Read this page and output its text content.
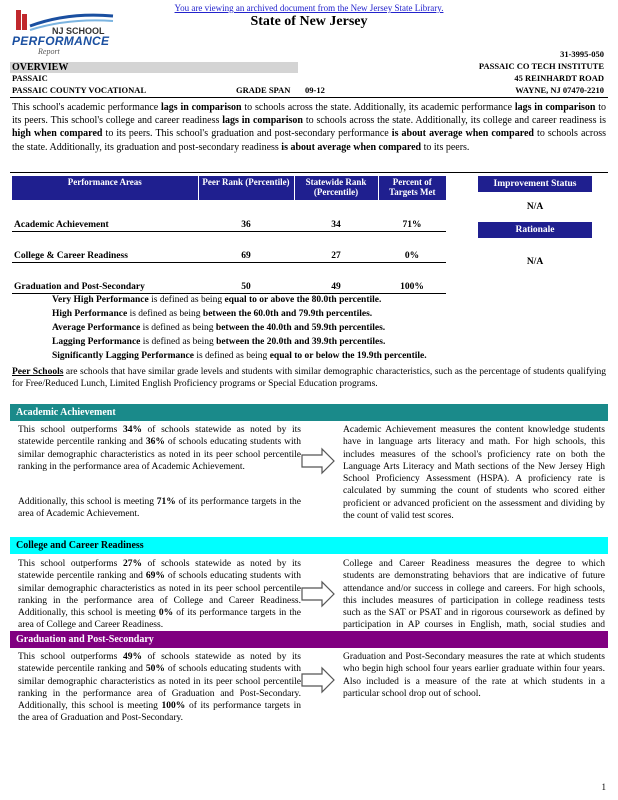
You are viewing an archived document from the New Jersey State Library.
State of New Jersey
NJ SCHOOL
PERFORMANCE
Report	31-3995-050
OVERVIEW	PASSAIC CO TECH INSTITUTE
PASSAIC	45 REINHARDT ROAD
PASSAIC COUNTY VOCATIONAL	GRADE SPAN 09-12	WAYNE, NJ 07470-2210
This school's academic performance lags in comparison to schools across the state. Additionally, its academic performance lags in comparison to its peers. This school's college and career readiness lags in comparison to schools across the state. Additionally, its college and career readiness is high when compared to its peers. This school's graduation and post-secondary performance is about average when compared to schools across the state. Additionally, its graduation and post-secondary readiness is about average when compared to its peers.
Performance Areas	Peer Rank (Percentile)	Statewide Rank (Percentile)	Percent of Targets Met
Academic Achievement	36	34	71%
College & Career Readiness	69	27	0%
Graduation and Post-Secondary	50	49	100%
Improvement Status
N/A
Rationale
N/A
Very High Performance is defined as being equal to or above the 80.0th percentile.
High Performance is defined as being between the 60.0th and 79.9th percentiles.
Average Performance is defined as being between the 40.0th and 59.9th percentiles.
Lagging Performance is defined as being between the 20.0th and 39.9th percentiles.
Significantly Lagging Performance is defined as being equal to or below the 19.9th percentile.
Peer Schools are schools that have similar grade levels and students with similar demographic characteristics, such as the percentage of students qualifying for Free/Reduced Lunch, Limited English Proficiency programs or Special Education programs.
Academic Achievement
This school outperforms 34% of schools statewide as noted by its statewide percentile ranking and 36% of schools educating students with similar demographic characteristics as noted in its peer school percentile ranking in the performance area of Academic Achievement.
Additionally, this school is meeting 71% of its performance targets in the area of Academic Achievement.
Academic Achievement measures the content knowledge students have in language arts literacy and math. For high schools, this includes measures of the school's proficiency rate on both the Language Arts Literacy and Math sections of the New Jersey High School Proficiency Assessment (HSPA). A proficiency rate is calculated by summing the count of students who scored either proficient or advanced proficient on the assessment and dividing by the count of valid test scores.
College and Career Readiness
This school outperforms 27% of schools statewide as noted by its statewide percentile ranking and 69% of schools educating students with similar demographic characteristics as noted in its peer school percentile ranking in the performance area of College and Career Readiness. Additionally, this school is meeting 0% of its performance targets in the area of College and Career Readiness.
College and Career Readiness measures the degree to which students are demonstrating behaviors that are indicative of future attendance and/or success in college and careers. For high schools, this includes measures of participation in college readiness tests such as the SAT or PSAT and in rigorous coursework as defined by participation in AP courses in English, math, social studies and
Graduation and Post-Secondary
This school outperforms 49% of schools statewide as noted by its statewide percentile ranking and 50% of schools educating students with similar demographic characteristics as noted in its peer school percentile ranking in the performance area of Graduation and Post-Secondary. Additionally, this school is meeting 100% of its performance targets in the area of Graduation and Post-Secondary.
Graduation and Post-Secondary measures the rate at which students who begin high school four years earlier graduate within four years. Also included is a measure of the rate at which students in a particular school drop out of school.
1
